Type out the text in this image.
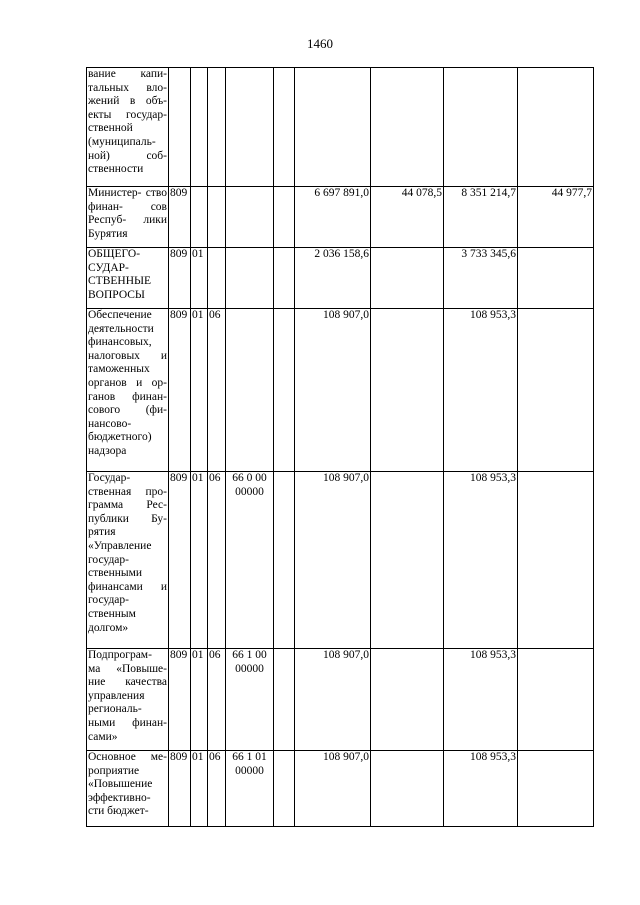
1460
вание капи- тальных вло- жений в объ- екты государ- ственной (муниципаль- ной) соб- ственности									
Министер- ство финан- сов Респуб- лики Бурятия	809					6 697 891,0	44 078,5	8 351 214,7	44 977,7
ОБЩЕГО- СУДАР- СТВЕННЫЕ ВОПРОСЫ	809	01				2 036 158,6		3 733 345,6	
Обеспечение деятельности финансовых, налоговых и таможенных органов и ор- ганов финан- сового (фи- нансово- бюджетного) надзора	809	01	06			108 907,0		108 953,3	
Государ- ственная про- грамма Рес- публики Бу- рятия «Управление государ- ственными финансами и государ- ственным долгом»	809	01	06	66 0 00 00000		108 907,0		108 953,3	
Подпрограм- ма «Повыше- ние качества управления региональ- ными финан- сами»	809	01	06	66 1 00 00000		108 907,0		108 953,3	
Основное ме- роприятие «Повышение эффективно- сти бюджет-	809	01	06	66 1 01 00000		108 907,0		108 953,3	
